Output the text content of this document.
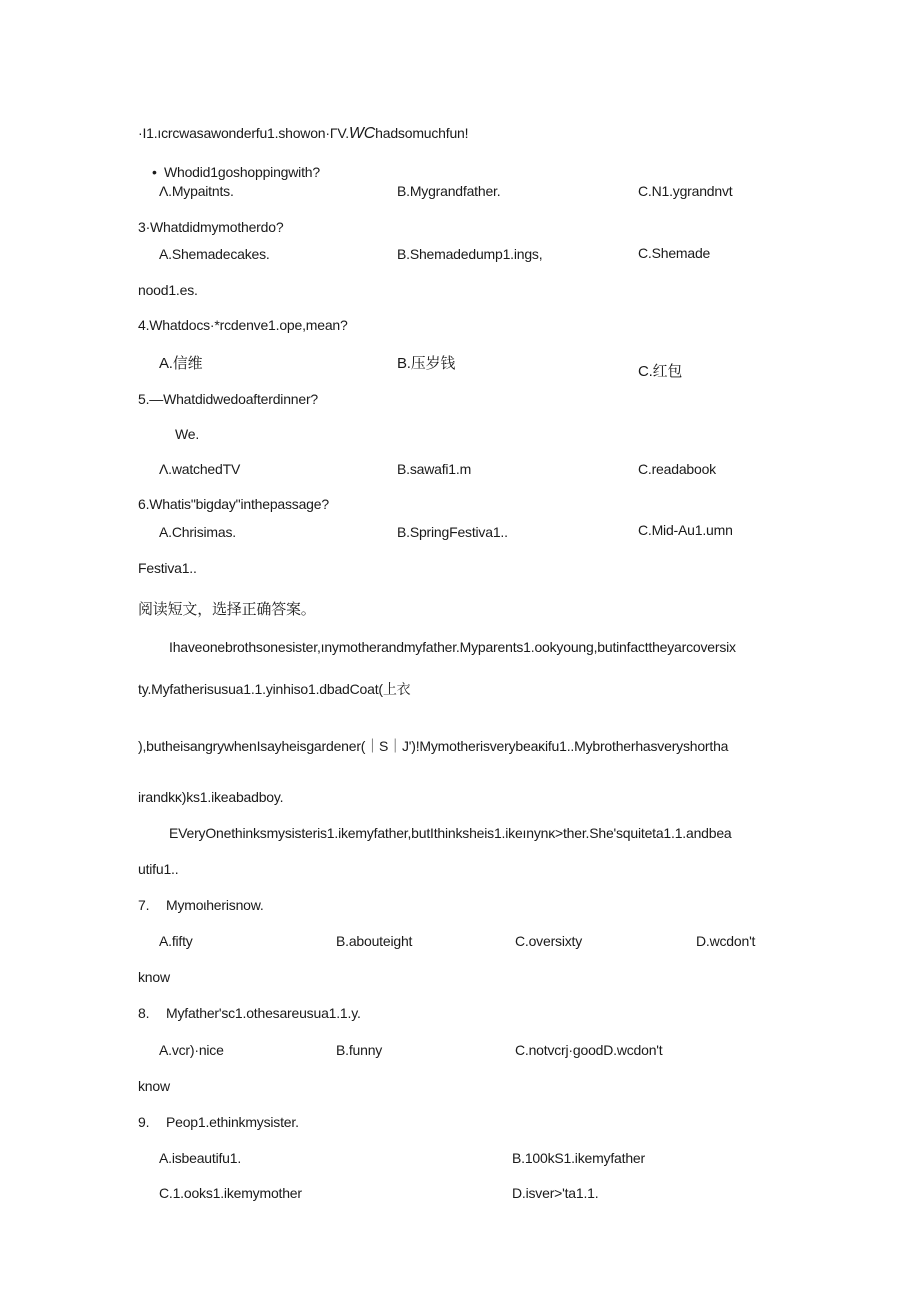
·I1.ıcrcwasawonderfu1.showon·ΓV.WChadsomuchfun!
• Whodid1goshoppingwith?
Λ.Mypaitnts.	B.Mygrandfather.	C.N1.ygrandnvt
3·Whatdidmymotherdo?
A.Shemadecakes.	B.Shemadedump1.ings,	C.Shemade
nood1.es.
4.Whatdocs·*rcdenve1.ope,mean?
A.信维	B.压岁钱	C.红包
5.—Whatdidwedoafterdinner?
We.
Λ.watchedTV	B.sawafi1.m	C.readabook
6.Whatis"bigday"inthepassage?
A.Chrisimas.	B.SpringFestiva1..	C.Mid-Au1.umn
Festiva1..
阅读短文，选择正确答案。
Ihaveonebrothsonesister,ınymotherandmyfather.Myparents1.ookyoung,butinfacttheyarcoversix
ty.Myfatherisusua1.1.yinhiso1.dbadCoat(上衣
),butheisangrywhenIsayheisgardener(｜S｜J')!Mymotherisverybeaκifu1..Mybrotherhasveryshortha
irandkκ)ks1.ikeabadboy.
EVeryOnethinksmysisteris1.ikemyfather,butIthinksheis1.ikeınynκ>ther.She'squiteta1.1.andbea
utifu1..
7. Mymoιherisnow.
A.fifty	B.abouteight	C.oversixty	D.wcdon't
know
8. Myfather'sc1.othesareusua1.1.y.
A.vcr)·nice	B.funny	C.notvcrj·goodD.wcdon't
know
9. Peop1.ethinkmysister.
A.isbeautifu1.	B.100kS1.ikemyfather
C.1.ooks1.ikemymother	D.isver>'ta1.1.
